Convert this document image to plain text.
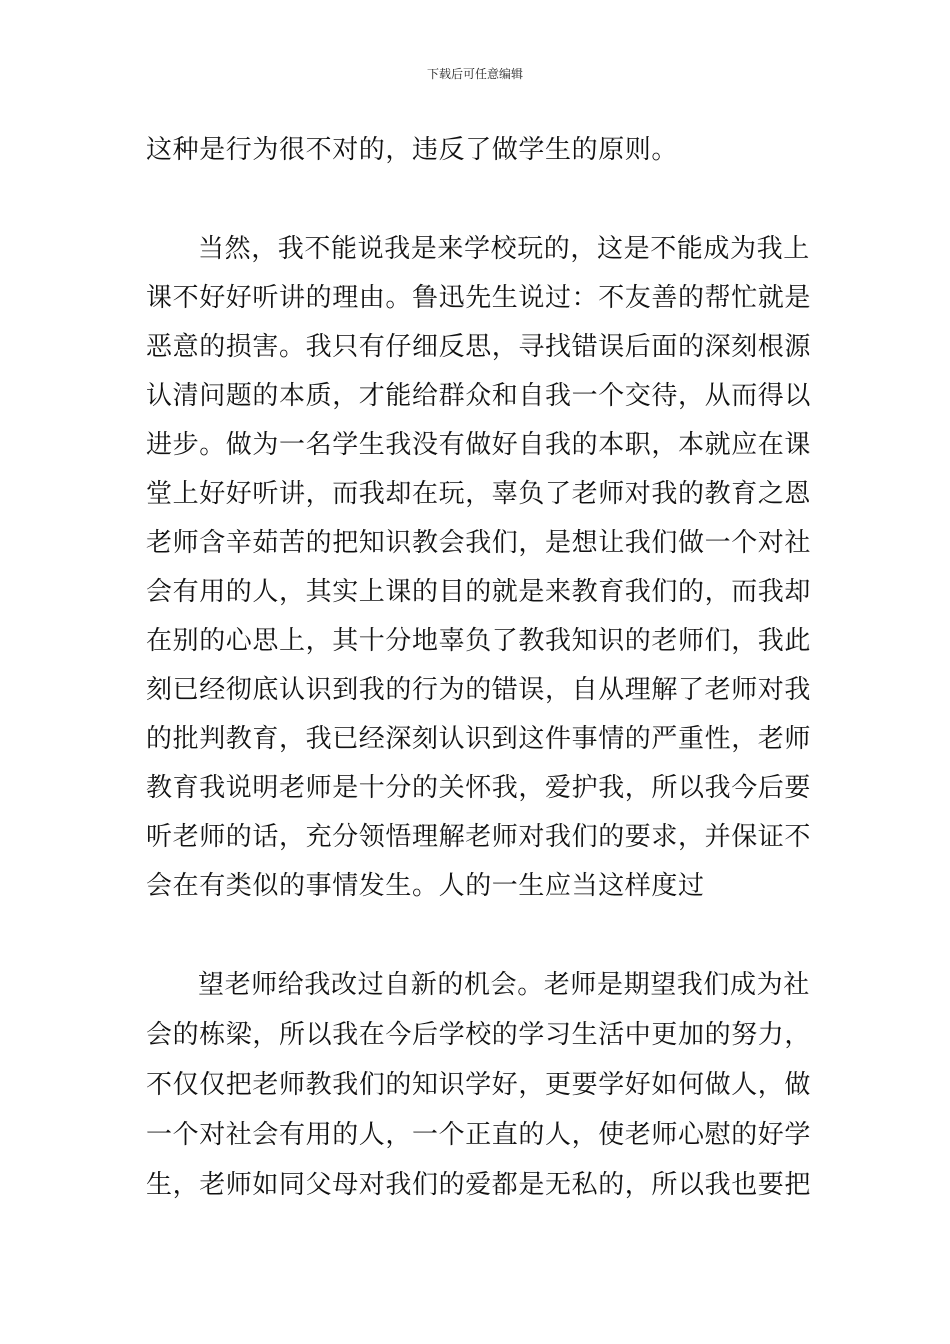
下载后可任意编辑
这种是行为很不对的，违反了做学生的原则。
当然，我不能说我是来学校玩的，这是不能成为我上
课不好好听讲的理由。鲁迅先生说过：不友善的帮忙就是
恶意的损害。我只有仔细反思，寻找错误后面的深刻根源
认清问题的本质，才能给群众和自我一个交待，从而得以
进步。做为一名学生我没有做好自我的本职，本就应在课
堂上好好听讲，而我却在玩，辜负了老师对我的教育之恩
老师含辛茹苦的把知识教会我们，是想让我们做一个对社
会有用的人，其实上课的目的就是来教育我们的，而我却
在别的心思上，其十分地辜负了教我知识的老师们，我此
刻已经彻底认识到我的行为的错误，自从理解了老师对我
的批判教育，我已经深刻认识到这件事情的严重性，老师
教育我说明老师是十分的关怀我，爱护我，所以我今后要
听老师的话，充分领悟理解老师对我们的要求，并保证不
会在有类似的事情发生。人的一生应当这样度过
望老师给我改过自新的机会。老师是期望我们成为社
会的栋梁，所以我在今后学校的学习生活中更加的努力，
不仅仅把老师教我们的知识学好，更要学好如何做人，做
一个对社会有用的人，一个正直的人，使老师心慰的好学
生，老师如同父母对我们的爱都是无私的，所以我也要把
